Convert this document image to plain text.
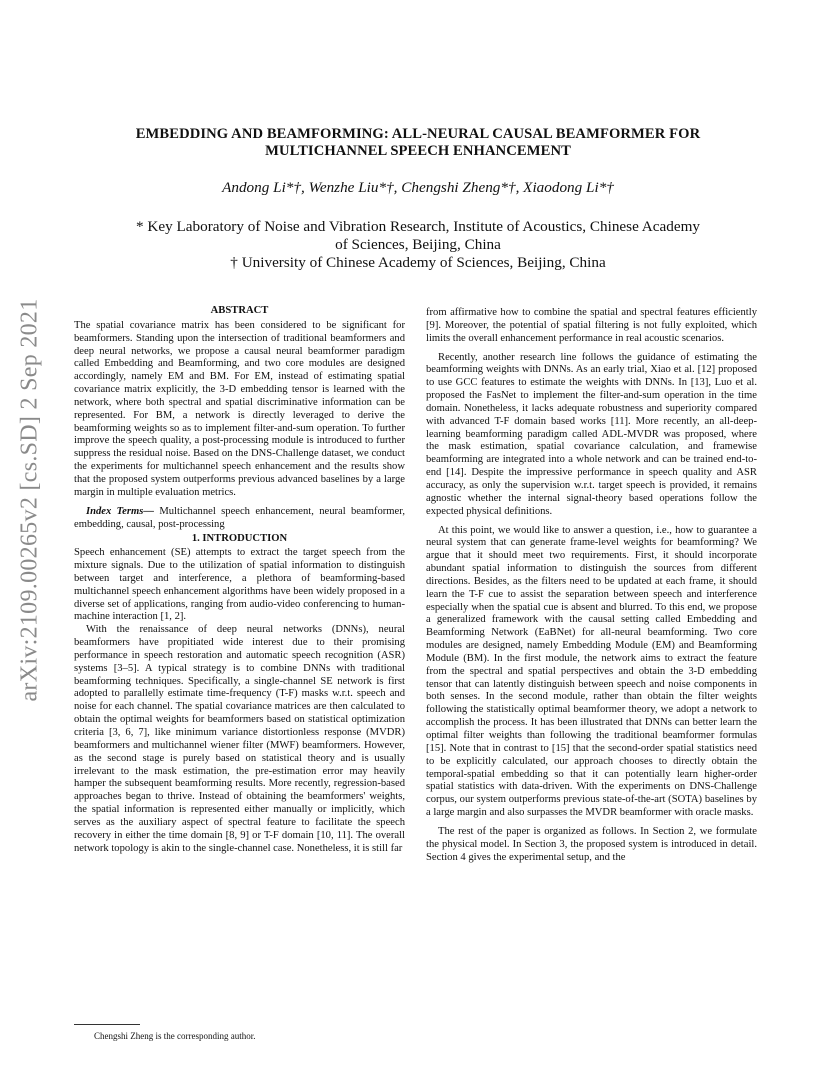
arXiv:2109.00265v2 [cs.SD] 2 Sep 2021
EMBEDDING AND BEAMFORMING: ALL-NEURAL CAUSAL BEAMFORMER FOR
MULTICHANNEL SPEECH ENHANCEMENT
Andong Li*†, Wenzhe Liu*†, Chengshi Zheng*†, Xiaodong Li*†

* Key Laboratory of Noise and Vibration Research, Institute of Acoustics, Chinese Academy

of Sciences, Beijing, China

† University of Chinese Academy of Sciences, Beijing, China

ABSTRACT

The spatial covariance matrix has been considered to be significant for beamformers. Standing upon the intersection of traditional beamformers and deep neural networks, we propose a causal neural beamformer paradigm called Embedding and Beamforming, and two core modules are designed accordingly, namely EM and BM. For EM, instead of estimating spatial covariance matrix explicitly, the 3-D embedding tensor is learned with the network, where both spectral and spatial discriminative information can be represented. For BM, a network is directly leveraged to derive the beamforming weights so as to implement filter-and-sum operation. To further improve the speech quality, a post-processing module is introduced to further suppress the residual noise. Based on the DNS-Challenge dataset, we conduct the experiments for multichannel speech enhancement and the results show that the proposed system outperforms previous advanced baselines by a large margin in multiple evaluation metrics.

Index Terms— Multichannel speech enhancement, neural beamformer, embedding, causal, post-processing

1. INTRODUCTION

Speech enhancement (SE) attempts to extract the target speech from the mixture signals. Due to the utilization of spatial information to distinguish between target and interference, a plethora of beamforming-based multichannel speech enhancement algorithms have been widely proposed in a diverse set of applications, ranging from audio-video conferencing to human-machine interaction [1, 2].

With the renaissance of deep neural networks (DNNs), neural beamformers have propitiated wide interest due to their promising performance in speech restoration and automatic speech recognition (ASR) systems [3–5]. A typical strategy is to combine DNNs with traditional beamforming techniques. Specifically, a single-channel SE network is first adopted to parallelly estimate time-frequency (T-F) masks w.r.t. speech and noise for each channel. The spatial covariance matrices are then calculated to obtain the optimal weights for beamformers based on statistical optimization criteria [3, 6, 7], like minimum variance distortionless response (MVDR) beamformers and multichannel wiener filter (MWF) beamformers. However, as the second stage is purely based on statistical theory and is usually irrelevant to the mask estimation, the pre-estimation error may heavily hamper the subsequent beamforming results. More recently, regression-based approaches began to thrive. Instead of obtaining the beamformers' weights, the spatial information is represented either manually or implicitly, which serves as the auxiliary aspect of spectral feature to facilitate the speech recovery in either the time domain [8, 9] or T-F domain [10, 11]. The overall network topology is akin to the single-channel case. Nonetheless, it is still far

Chengshi Zheng is the corresponding author.

from affirmative how to combine the spatial and spectral features efficiently [9]. Moreover, the potential of spatial filtering is not fully exploited, which limits the overall enhancement performance in real acoustic scenarios.

Recently, another research line follows the guidance of estimating the beamforming weights with DNNs. As an early trial, Xiao et al. [12] proposed to use GCC features to estimate the weights with DNNs. In [13], Luo et al. proposed the FasNet to implement the filter-and-sum operation in the time domain. Nonetheless, it lacks adequate robustness and superiority compared with advanced T-F domain based works [11]. More recently, an all-deep-learning beamforming paradigm called ADL-MVDR was proposed, where the mask estimation, spatial covariance calculation, and framewise beamforming are integrated into a whole network and can be trained end-to-end [14]. Despite the impressive performance in speech quality and ASR accuracy, as only the supervision w.r.t. target speech is provided, it remains agnostic whether the internal signal-theory based operations follow the expected physical definitions.

At this point, we would like to answer a question, i.e., how to guarantee a neural system that can generate frame-level weights for beamforming? We argue that it should meet two requirements. First, it should incorporate abundant spatial information to distinguish the sources from different directions. Besides, as the filters need to be updated at each frame, it should learn the T-F cue to assist the separation between speech and interference especially when the spatial cue is absent and blurred. To this end, we propose a generalized framework with the causal setting called Embedding and Beamforming Network (EaBNet) for all-neural beamforming. Two core modules are designed, namely Embedding Module (EM) and Beamforming Module (BM). In the first module, the network aims to extract the feature from the spectral and spatial perspectives and obtain the 3-D embedding tensor that can latently distinguish between speech and noise components in both senses. In the second module, rather than obtain the filter weights following the statistically optimal beamformer theory, we adopt a network to accomplish the process. It has been illustrated that DNNs can better learn the optimal filter weights than following the traditional beamformer formulas [15]. Note that in contrast to [15] that the second-order spatial statistics need to be explicitly calculated, our approach chooses to directly obtain the temporal-spatial embedding so that it can potentially learn higher-order spatial statistics with data-driven. With the experiments on DNS-Challenge corpus, our system outperforms previous state-of-the-art (SOTA) baselines by a large margin and also surpasses the MVDR beamformer with oracle masks.

The rest of the paper is organized as follows. In Section 2, we formulate the physical model. In Section 3, the proposed system is introduced in detail. Section 4 gives the experimental setup, and the
